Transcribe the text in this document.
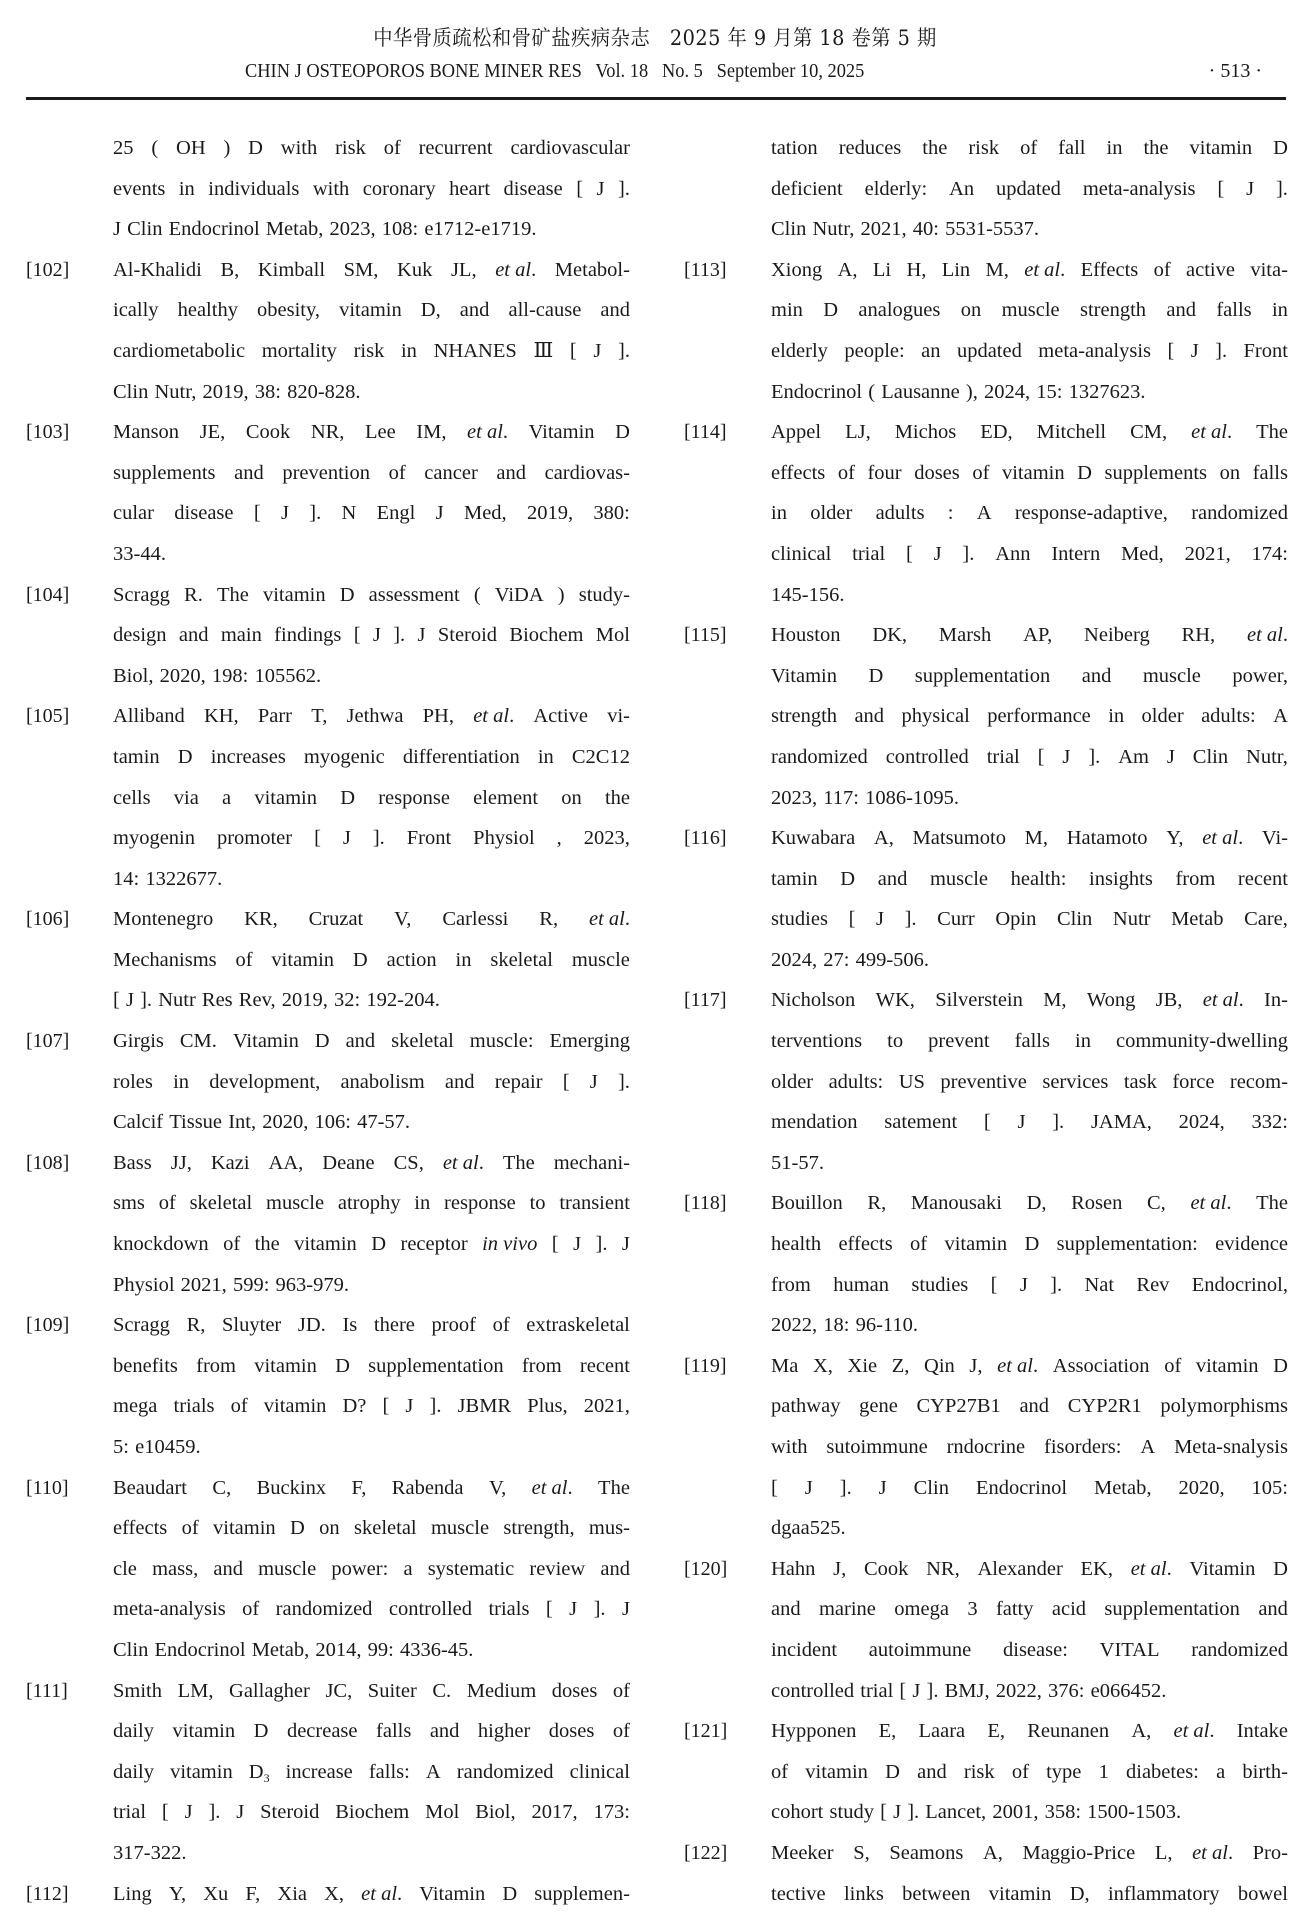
中华骨质疏松和骨矿盐疾病杂志　2025 年 9 月第 18 卷第 5 期
CHIN J OSTEOPOROS BONE MINER RES   Vol. 18   No. 5   September 10, 2025	· 513 ·
25 ( OH ) D with risk of recurrent cardiovascular
events in individuals with coronary heart disease [ J ].
J Clin Endocrinol Metab, 2023, 108: e1712-e1719.
[102]	Al-Khalidi B, Kimball SM, Kuk JL, et al. Metabol-
ically healthy obesity, vitamin D, and all-cause and
cardiometabolic mortality risk in NHANES Ⅲ [ J ].
Clin Nutr, 2019, 38: 820-828.
[103]	Manson JE, Cook NR, Lee IM, et al. Vitamin D
supplements and prevention of cancer and cardiovas-
cular disease [ J ]. N Engl J Med, 2019, 380:
33-44.
[104]	Scragg R. The vitamin D assessment ( ViDA ) study-
design and main findings [ J ]. J Steroid Biochem Mol
Biol, 2020, 198: 105562.
[105]	Alliband KH, Parr T, Jethwa PH, et al. Active vi-
tamin D increases myogenic differentiation in C2C12
cells via a vitamin D response element on the
myogenin promoter [ J ]. Front Physiol , 2023,
14: 1322677.
[106]	Montenegro KR, Cruzat V, Carlessi R, et al.
Mechanisms of vitamin D action in skeletal muscle
[ J ]. Nutr Res Rev, 2019, 32: 192-204.
[107]	Girgis CM. Vitamin D and skeletal muscle: Emerging
roles in development, anabolism and repair [ J ].
Calcif Tissue Int, 2020, 106: 47-57.
[108]	Bass JJ, Kazi AA, Deane CS, et al. The mechani-
sms of skeletal muscle atrophy in response to transient
knockdown of the vitamin D receptor in vivo [ J ]. J
Physiol 2021, 599: 963-979.
[109]	Scragg R, Sluyter JD. Is there proof of extraskeletal
benefits from vitamin D supplementation from recent
mega trials of vitamin D? [ J ]. JBMR Plus, 2021,
5: e10459.
[110]	Beaudart C, Buckinx F, Rabenda V, et al. The
effects of vitamin D on skeletal muscle strength, mus-
cle mass, and muscle power: a systematic review and
meta-analysis of randomized controlled trials [ J ]. J
Clin Endocrinol Metab, 2014, 99: 4336-45.
[111]	Smith LM, Gallagher JC, Suiter C. Medium doses of
daily vitamin D decrease falls and higher doses of
daily vitamin $D_3$ increase falls: A randomized clinical
trial [ J ]. J Steroid Biochem Mol Biol, 2017, 173:
317-322.
[112]	Ling Y, Xu F, Xia X, et al. Vitamin D supplemen-
tation reduces the risk of fall in the vitamin D
deficient elderly: An updated meta-analysis [ J ].
Clin Nutr, 2021, 40: 5531-5537.
[113]	Xiong A, Li H, Lin M, et al. Effects of active vita-
min D analogues on muscle strength and falls in
elderly people: an updated meta-analysis [ J ]. Front
Endocrinol ( Lausanne ), 2024, 15: 1327623.
[114]	Appel LJ, Michos ED, Mitchell CM, et al. The
effects of four doses of vitamin D supplements on falls
in older adults : A response-adaptive, randomized
clinical trial [ J ]. Ann Intern Med, 2021, 174:
145-156.
[115]	Houston DK, Marsh AP, Neiberg RH, et al.
Vitamin D supplementation and muscle power,
strength and physical performance in older adults: A
randomized controlled trial [ J ]. Am J Clin Nutr,
2023, 117: 1086-1095.
[116]	Kuwabara A, Matsumoto M, Hatamoto Y, et al. Vi-
tamin D and muscle health: insights from recent
studies [ J ]. Curr Opin Clin Nutr Metab Care,
2024, 27: 499-506.
[117]	Nicholson WK, Silverstein M, Wong JB, et al. In-
terventions to prevent falls in community-dwelling
older adults: US preventive services task force recom-
mendation satement [ J ]. JAMA, 2024, 332:
51-57.
[118]	Bouillon R, Manousaki D, Rosen C, et al. The
health effects of vitamin D supplementation: evidence
from human studies [ J ]. Nat Rev Endocrinol,
2022, 18: 96-110.
[119]	Ma X, Xie Z, Qin J, et al. Association of vitamin D
pathway gene CYP27B1 and CYP2R1 polymorphisms
with sutoimmune rndocrine fisorders: A Meta-snalysis
[ J ]. J Clin Endocrinol Metab, 2020, 105:
dgaa525.
[120]	Hahn J, Cook NR, Alexander EK, et al. Vitamin D
and marine omega 3 fatty acid supplementation and
incident autoimmune disease: VITAL randomized
controlled trial [ J ]. BMJ, 2022, 376: e066452.
[121]	Hypponen E, Laara E, Reunanen A, et al. Intake
of vitamin D and risk of type 1 diabetes: a birth-
cohort study [ J ]. Lancet, 2001, 358: 1500-1503.
[122]	Meeker S, Seamons A, Maggio-Price L, et al. Pro-
tective links between vitamin D, inflammatory bowel
